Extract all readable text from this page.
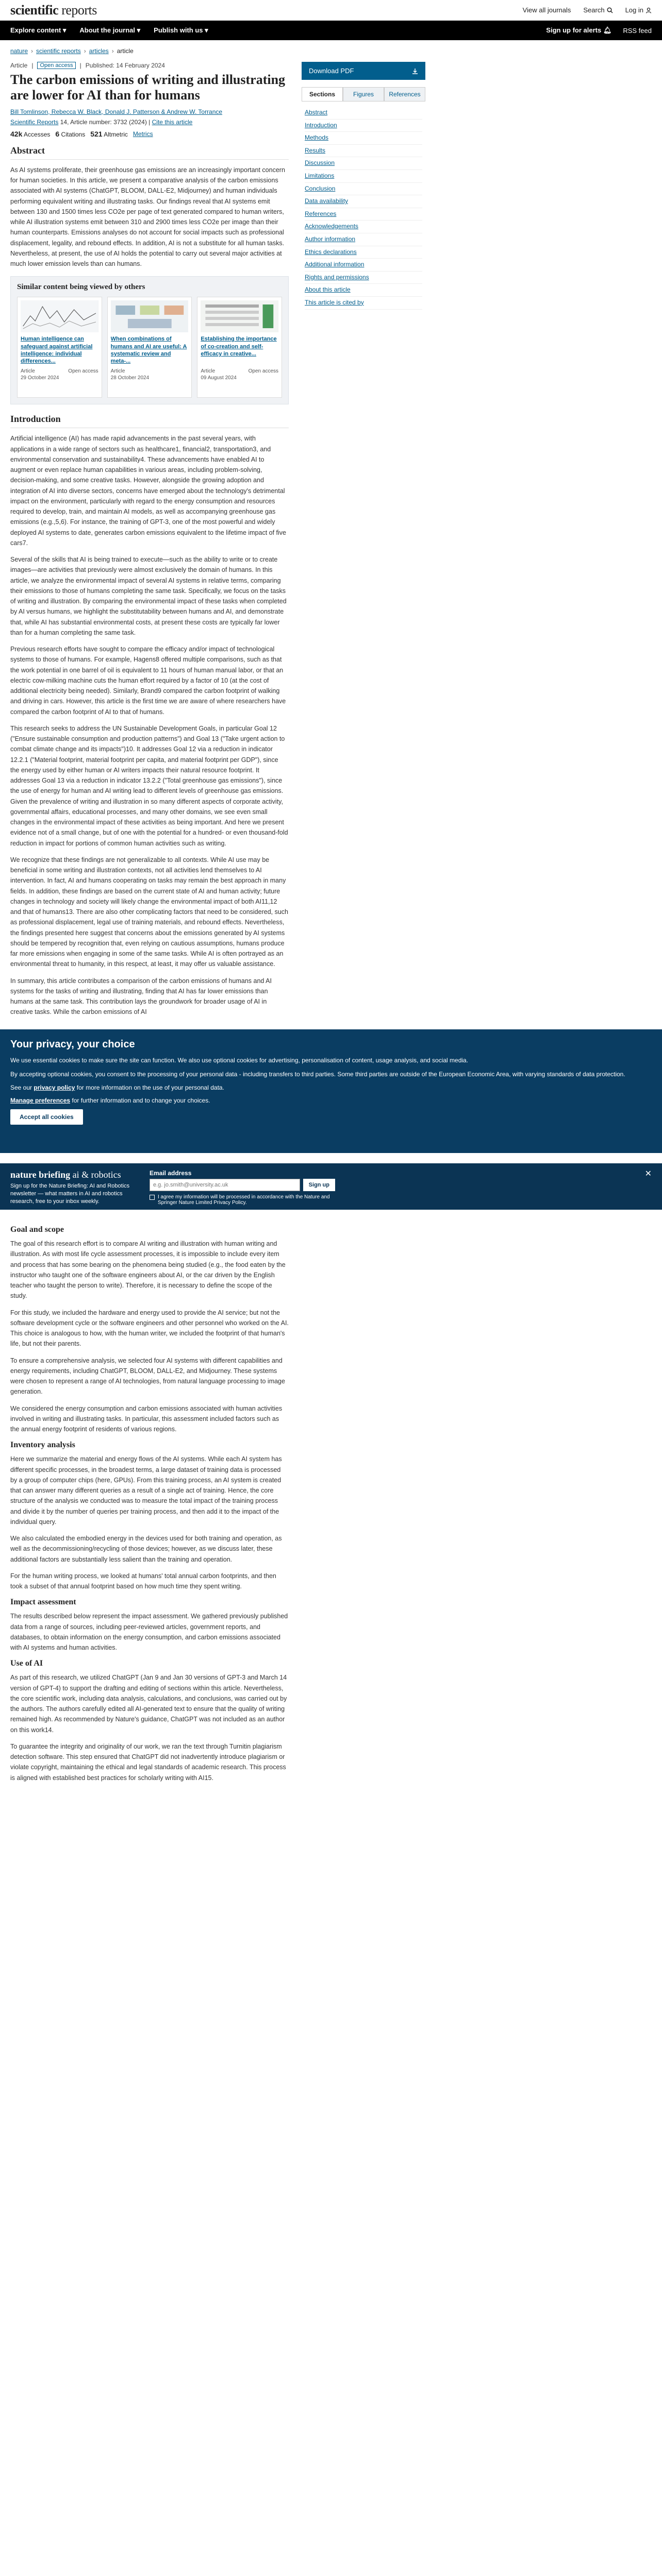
scientific reports	View all journals Search	Log in
Explore content ▾ About the journal ▾ Publish with us ▾	Sign up for alerts 🔔︎ RSS feed
nature › scientific reports › articles › article
Article |	Open access	| Published: 14 February 2024
The carbon emissions of writing and illustrating are lower for AI than for humans
Bill Tomlinson, Rebecca W. Black, Donald J. Patterson & Andrew W. Torrance
Scientific Reports 14, Article number: 3732 (2024) | Cite this article
42k Accesses 6 Citations 521 Altmetric Metrics
Abstract

As AI systems proliferate, their greenhouse gas emissions are an increasingly important concern for human societies. In this article, we present a comparative analysis of the carbon emissions associated with AI systems (ChatGPT, BLOOM, DALL-E2, Midjourney) and human individuals performing equivalent writing and illustrating tasks. Our findings reveal that AI systems emit between 130 and 1500 times less CO2e per page of text generated compared to human writers, while AI illustration systems emit between 310 and 2900 times less CO2e per image than their human counterparts. Emissions analyses do not account for social impacts such as professional displacement, legality, and rebound effects. In addition, AI is not a substitute for all human tasks. Nevertheless, at present, the use of AI holds the potential to carry out several major activities at much lower emission levels than can humans.

Similar content being viewed by others
Human intelligence can safeguard against artificial intelligence: individual differences...
Article	Open access
29 October 2024
When combinations of humans and AI are useful: A systematic review and meta-...
Article
28 October 2024
Establishing the importance of co-creation and self-efficacy in creative...
Article	Open access
09 August 2024
Introduction

Artificial intelligence (AI) has made rapid advancements in the past several years, with applications in a wide range of sectors such as healthcare1, financial2, transportation3, and environmental conservation and sustainability4. These advancements have enabled AI to augment or even replace human capabilities in various areas, including problem-solving, decision-making, and some creative tasks. However, alongside the growing adoption and integration of AI into diverse sectors, concerns have emerged about the technology's detrimental impact on the environment, particularly with regard to the energy consumption and resources required to develop, train, and maintain AI models, as well as accompanying greenhouse gas emissions (e.g.,5,6). For instance, the training of GPT-3, one of the most powerful and widely deployed AI systems to date, generates carbon emissions equivalent to the lifetime impact of five cars7.

Several of the skills that AI is being trained to execute—such as the ability to write or to create images—are activities that previously were almost exclusively the domain of humans. In this article, we analyze the environmental impact of several AI systems in relative terms, comparing their emissions to those of humans completing the same task. Specifically, we focus on the tasks of writing and illustration. By comparing the environmental impact of these tasks when completed by AI versus humans, we highlight the substitutability between humans and AI, and demonstrate that, while AI has substantial environmental costs, at present these costs are typically far lower than for a human completing the same task.

Previous research efforts have sought to compare the efficacy and/or impact of technological systems to those of humans. For example, Hagens8 offered multiple comparisons, such as that the work potential in one barrel of oil is equivalent to 11 hours of human manual labor, or that an electric cow-milking machine cuts the human effort required by a factor of 10 (at the cost of additional electricity being needed). Similarly, Brand9 compared the carbon footprint of walking and driving in cars. However, this article is the first time we are aware of where researchers have compared the carbon footprint of AI to that of humans.

This research seeks to address the UN Sustainable Development Goals, in particular Goal 12 ("Ensure sustainable consumption and production patterns") and Goal 13 ("Take urgent action to combat climate change and its impacts")10. It addresses Goal 12 via a reduction in indicator 12.2.1 ("Material footprint, material footprint per capita, and material footprint per GDP"), since the energy used by either human or AI writers impacts their natural resource footprint. It addresses Goal 13 via a reduction in indicator 13.2.2 ("Total greenhouse gas emissions"), since the use of energy for human and AI writing lead to different levels of greenhouse gas emissions. Given the prevalence of writing and illustration in so many different aspects of corporate activity, governmental affairs, educational processes, and many other domains, we see even small changes in the environmental impact of these activities as being important. And here we present evidence not of a small change, but of one with the potential for a hundred- or even thousand-fold reduction in impact for portions of common human activities such as writing.

We recognize that these findings are not generalizable to all contexts. While AI use may be beneficial in some writing and illustration contexts, not all activities lend themselves to AI intervention. In fact, AI and humans cooperating on tasks may remain the best approach in many fields. In addition, these findings are based on the current state of AI and human activity; future changes in technology and society will likely change the environmental impact of both AI11,12 and that of humans13. There are also other complicating factors that need to be considered, such as professional displacement, legal use of training materials, and rebound effects. Nevertheless, the findings presented here suggest that concerns about the emissions generated by AI systems should be tempered by recognition that, even relying on cautious assumptions, humans produce far more emissions when engaging in some of the same tasks. While AI is often portrayed as an environmental threat to humanity, in this respect, at least, it may offer us valuable assistance.

In summary, this article contributes a comparison of the carbon emissions of humans and AI systems for the tasks of writing and illustrating, finding that AI has far lower emissions than humans at the same task. This contribution lays the groundwork for broader usage of AI in creative tasks. While the carbon emissions of AI

Download PDF
Sections	Figures	References
Abstract
Introduction
Methods
Results
Discussion
Limitations
Conclusion
Data availability
References
Acknowledgements
Author information
Ethics declarations
Additional information
Rights and permissions
About this article
This article is cited by
Your privacy, your choice

We use essential cookies to make sure the site can function. We also use optional cookies for advertising, personalisation of content, usage analysis, and social media.

By accepting optional cookies, you consent to the processing of your personal data - including transfers to third parties. Some third parties are outside of the European Economic Area, with varying standards of data protection.

See our privacy policy for more information on the use of your personal data.

Manage preferences for further information and to change your choices.
Accept all cookies
nature briefing ai & robotics
Sign up for the Nature Briefing: AI and Robotics newsletter — what matters in AI and robotics research, free to your inbox weekly.
Email address
e.g. jo.smith@university.ac.uk
Sign up
I agree my information will be processed in accordance with the Nature and Springer Nature Limited Privacy Policy.
✕
Goal and scope

The goal of this research effort is to compare AI writing and illustration with human writing and illustration. As with most life cycle assessment processes, it is impossible to include every item and process that has some bearing on the phenomena being studied (e.g., the food eaten by the instructor who taught one of the software engineers about AI, or the car driven by the English teacher who taught the person to write). Therefore, it is necessary to define the scope of the study.

For this study, we included the hardware and energy used to provide the AI service; but not the software development cycle or the software engineers and other personnel who worked on the AI. This choice is analogous to how, with the human writer, we included the footprint of that human's life, but not their parents.

To ensure a comprehensive analysis, we selected four AI systems with different capabilities and energy requirements, including ChatGPT, BLOOM, DALL-E2, and Midjourney. These systems were chosen to represent a range of AI technologies, from natural language processing to image generation.

We considered the energy consumption and carbon emissions associated with human activities involved in writing and illustrating tasks. In particular, this assessment included factors such as the annual energy footprint of residents of various regions.

Inventory analysis

Here we summarize the material and energy flows of the AI systems. While each AI system has different specific processes, in the broadest terms, a large dataset of training data is processed by a group of computer chips (here, GPUs). From this training process, an AI system is created that can answer many different queries as a result of a single act of training. Hence, the core structure of the analysis we conducted was to measure the total impact of the training process and divide it by the number of queries per training process, and then add it to the impact of the individual query.

We also calculated the embodied energy in the devices used for both training and operation, as well as the decommissioning/recycling of those devices; however, as we discuss later, these additional factors are substantially less salient than the training and operation.

For the human writing process, we looked at humans' total annual carbon footprints, and then took a subset of that annual footprint based on how much time they spent writing.

Impact assessment

The results described below represent the impact assessment. We gathered previously published data from a range of sources, including peer-reviewed articles, government reports, and databases, to obtain information on the energy consumption, and carbon emissions associated with AI systems and human activities.

Use of AI

As part of this research, we utilized ChatGPT (Jan 9 and Jan 30 versions of GPT-3 and March 14 version of GPT-4) to support the drafting and editing of sections within this article. Nevertheless, the core scientific work, including data analysis, calculations, and conclusions, was carried out by the authors. The authors carefully edited all AI-generated text to ensure that the quality of writing remained high. As recommended by Nature's guidance, ChatGPT was not included as an author on this work14.

To guarantee the integrity and originality of our work, we ran the text through Turnitin plagiarism detection software. This step ensured that ChatGPT did not inadvertently introduce plagiarism or violate copyright, maintaining the ethical and legal standards of academic research. This process is aligned with established best practices for scholarly writing with AI15.
